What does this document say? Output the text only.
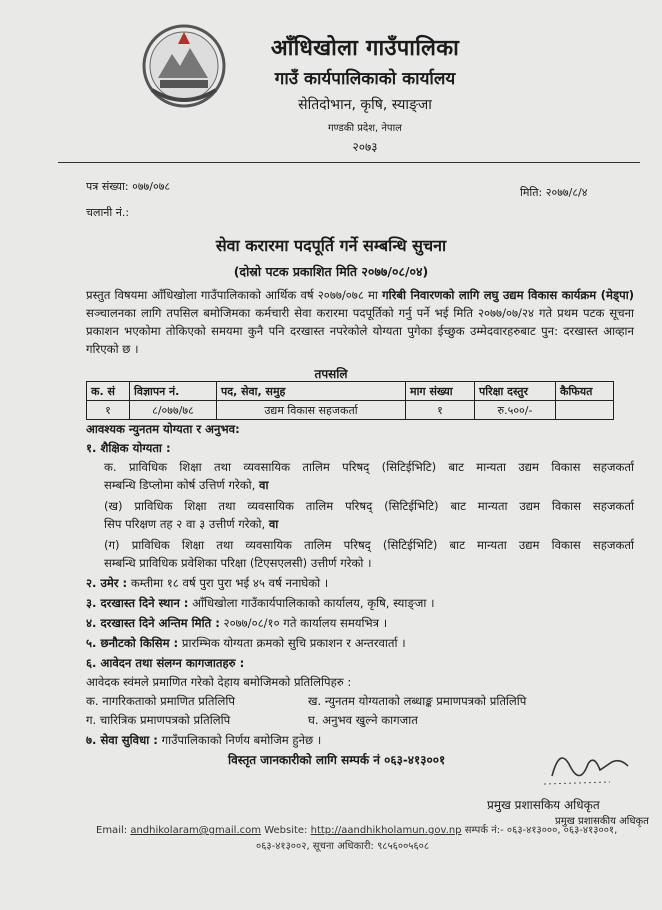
आँधिखोला गाउँपालिका
गाउँ कार्यपालिकाको कार्यालय
सेतिदोभान, कृषि, स्याङ्जा
गण्डकी प्रदेश, नेपाल
२०७३
पत्र संख्या: ०७७/०७८
चलानी नं.:
मिति: २०७७/८/४
सेवा करारमा पदपूर्ति गर्ने सम्बन्धि सुचना
(दोस्रो पटक प्रकाशित मिति २०७७/०८/०४)
प्रस्तुत विषयमा आँधिखोला गाउँपालिकाको आर्थिक वर्ष २०७७/०७८ मा गरिबी निवारणको लागि लघु उद्यम विकास कार्यक्रम (मेड्पा) सञ्चालनका लागि तपसिल बमोजिमका कर्मचारी सेवा करारमा पदपूर्तिको गर्नु पर्ने भई मिति २०७७/०७/२४ गते प्रथम पटक सूचना प्रकाशन भएकोमा तोकिएको समयमा कुनै पनि दरखास्त नपरेकोले योग्यता पुगेका ईच्छुक उम्मेदवारहरुबाट पुन: दरखास्त आव्हान गरिएको छ ।
तपसलि
क. सं	विज्ञापन नं.	पद, सेवा, समुह	माग संख्या	परिक्षा दस्तुर	कैफियत
१	८/०७७/७८	उद्यम विकास सहजकर्ता	१	रु.५००/-	
आवश्यक न्युनतम योग्यता र अनुभव:
१. शैक्षिक योग्यता :
क. प्राविधिक शिक्षा तथा व्यवसायिक तालिम परिषद् (सिटिईभिटि) बाट मान्यता उद्यम विकास सहजकर्ता
सम्बन्धि डिप्लोमा कोर्ष उत्तिर्ण गरेको, वा
(ख) प्राविधिक शिक्षा तथा व्यवसायिक तालिम परिषद् (सिटिईभिटि) बाट मान्यता उद्यम विकास सहजकर्ता
सिप परिक्षण तह २ वा ३ उत्तीर्ण गरेको, वा
(ग) प्राविधिक शिक्षा तथा व्यवसायिक तालिम परिषद् (सिटिईभिटि) बाट मान्यता उद्यम विकास सहजकर्ता
सम्बन्धि प्राविधिक प्रवेशिका परिक्षा (टिएसएलसी) उत्तीर्ण गरेको ।
२. उमेर : कम्तीमा १८ वर्ष पुरा पुरा भई ४५ वर्ष ननाघेको ।
३. दरखास्त दिने स्थान : आँधिखोला गाउँकार्यपालिकाको कार्यालय, कृषि, स्याङ्जा ।
४. दरखास्त दिने अन्तिम मिति : २०७७/०८/१० गते कार्यालय समयभित्र ।
५. छनौटको किसिम : प्रारम्भिक योग्यता क्रमको सुचि प्रकाशन र अन्तरवार्ता ।
६. आवेदन तथा संलग्न कागजातहरु :
आवेदक स्वंमले प्रमाणित गरेको देहाय बमोजिमको प्रतिलिपिहरु :
क. नागरिकताको प्रमाणित प्रतिलिपि	ख. न्युनतम योग्यताको लब्धाङ्क प्रमाणपत्रको प्रतिलिपि
ग. चारित्रिक प्रमाणपत्रको प्रतिलिपि	घ. अनुभव खुल्ने कागजात
७. सेवा सुविधा : गाउँपालिकाको निर्णय बमोजिम हुनेछ ।
विस्तृत जानकारीको लागि सम्पर्क नं ०६३-४१३००१
प्रमुख प्रशासकिय अधिकृत
प्रमुख प्रशासकीय अधिकृत
Email: andhikolaram@gmail.com Website: http://aandhikholamun.gov.np सम्पर्क नं:- ०६३-४१३०००, ०६३-४१३००१,
०६३-४१३००२, सूचना अधिकारी: ९८५६००५६०८
